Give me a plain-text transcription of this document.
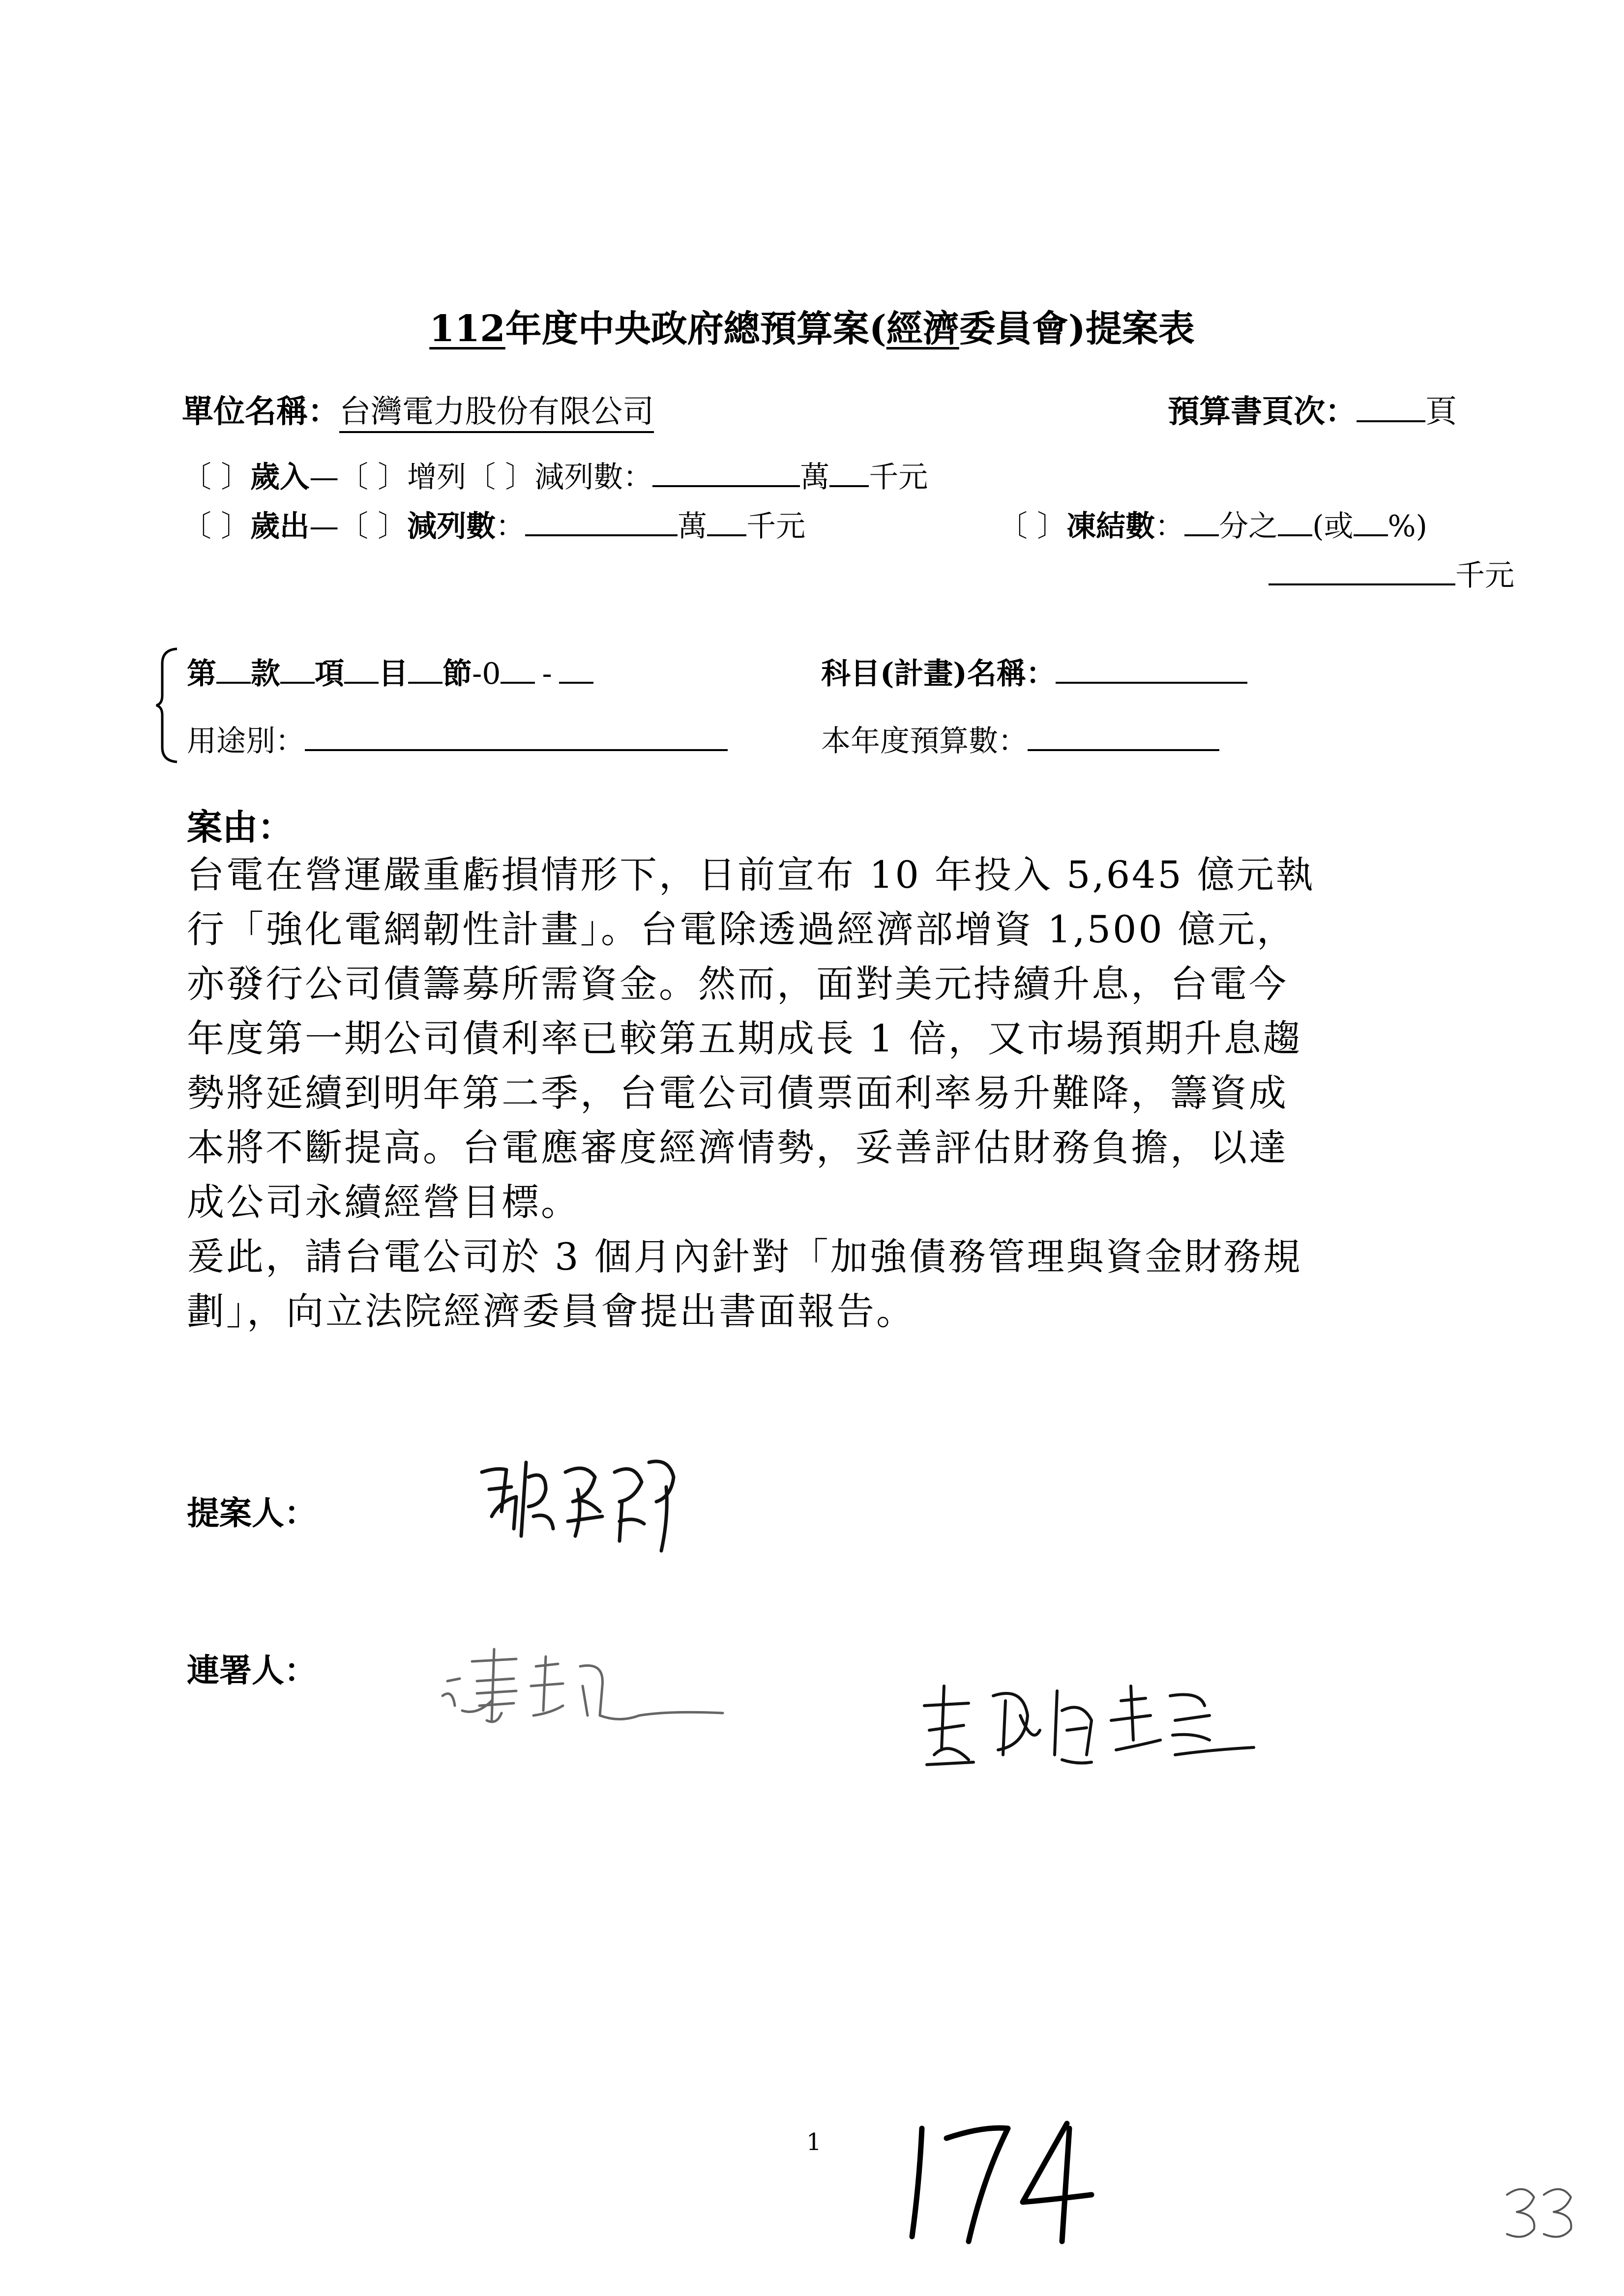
112年度中央政府總預算案(經濟委員會)提案表
單位名稱：台灣電力股份有限公司	預算書頁次： 頁
〔 〕歲入—〔 〕增列〔 〕減列數：	萬 千元
〔 〕歲出—〔 〕減列數：	萬 千元	〔 〕凍結數： 分之 (或 %)
千元
第 款 項 目 節-0 -	科目(計畫)名稱：
用途別：	本年度預算數：
案由：
台電在營運嚴重虧損情形下，日前宣布 10 年投入 5,645 億元執
行「強化電網韌性計畫」。台電除透過經濟部增資 1,500 億元，
亦發行公司債籌募所需資金。然而，面對美元持續升息，台電今
年度第一期公司債利率已較第五期成長 1 倍，又市場預期升息趨
勢將延續到明年第二季，台電公司債票面利率易升難降，籌資成
本將不斷提高。台電應審度經濟情勢，妥善評估財務負擔，以達
成公司永續經營目標。
爰此，請台電公司於 3 個月內針對「加強債務管理與資金財務規
劃」，向立法院經濟委員會提出書面報告。
提案人：
連署人：
1
